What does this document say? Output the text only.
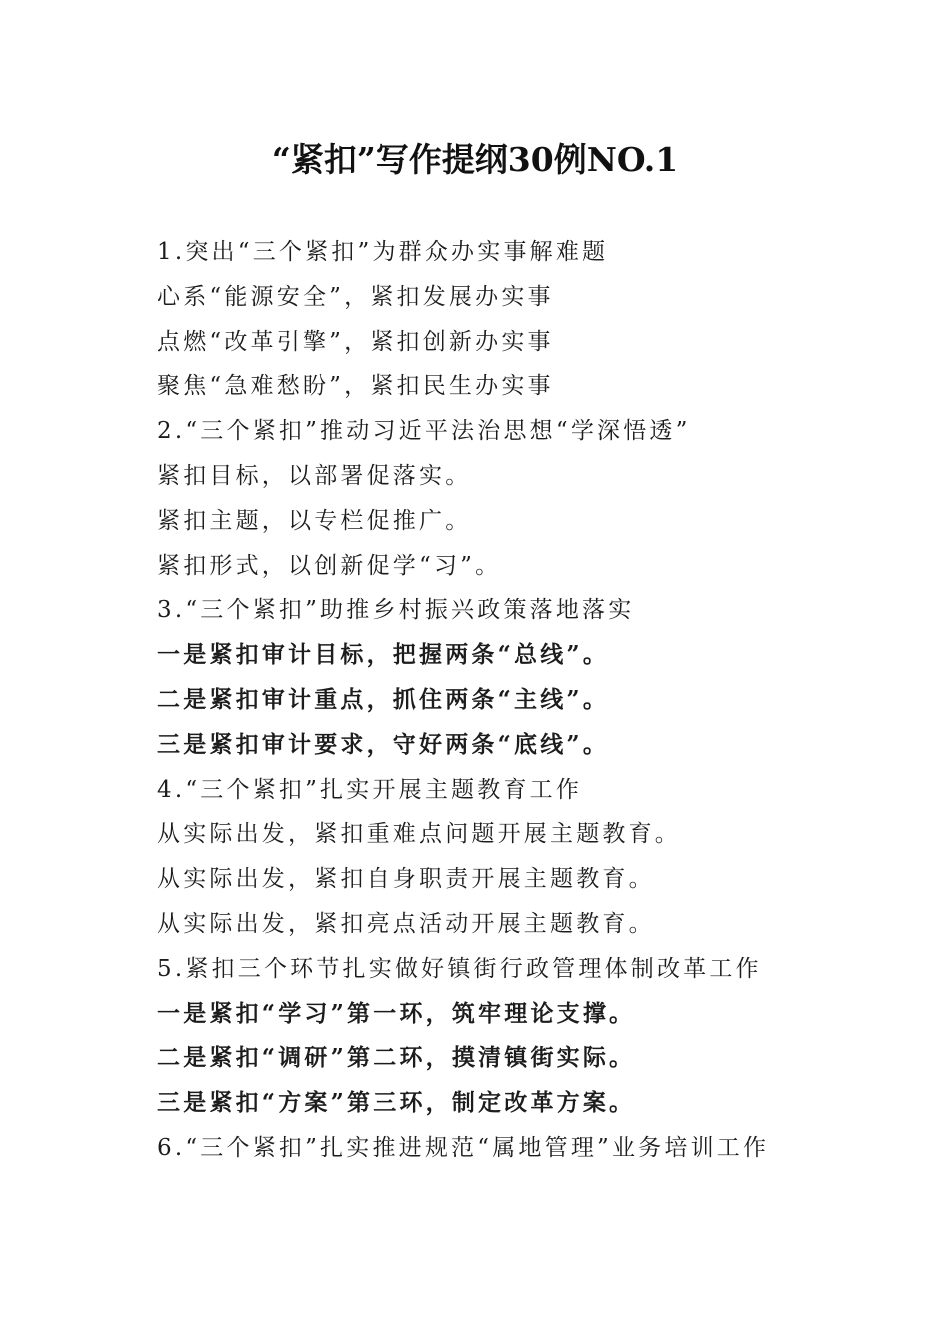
“紧扣”写作提纲30例NO.1
1.突出“三个紧扣”为群众办实事解难题
心系“能源安全”，紧扣发展办实事
点燃“改革引擎”，紧扣创新办实事
聚焦“急难愁盼”，紧扣民生办实事
2.“三个紧扣”推动习近平法治思想“学深悟透”
紧扣目标，以部署促落实。
紧扣主题，以专栏促推广。
紧扣形式，以创新促学“习”。
3.“三个紧扣”助推乡村振兴政策落地落实
一是紧扣审计目标，把握两条“总线”。
二是紧扣审计重点，抓住两条“主线”。
三是紧扣审计要求，守好两条“底线”。
4.“三个紧扣”扎实开展主题教育工作
从实际出发，紧扣重难点问题开展主题教育。
从实际出发，紧扣自身职责开展主题教育。
从实际出发，紧扣亮点活动开展主题教育。
5.紧扣三个环节扎实做好镇街行政管理体制改革工作
一是紧扣“学习”第一环，筑牢理论支撑。
二是紧扣“调研”第二环，摸清镇街实际。
三是紧扣“方案”第三环，制定改革方案。
6.“三个紧扣”扎实推进规范“属地管理”业务培训工作
